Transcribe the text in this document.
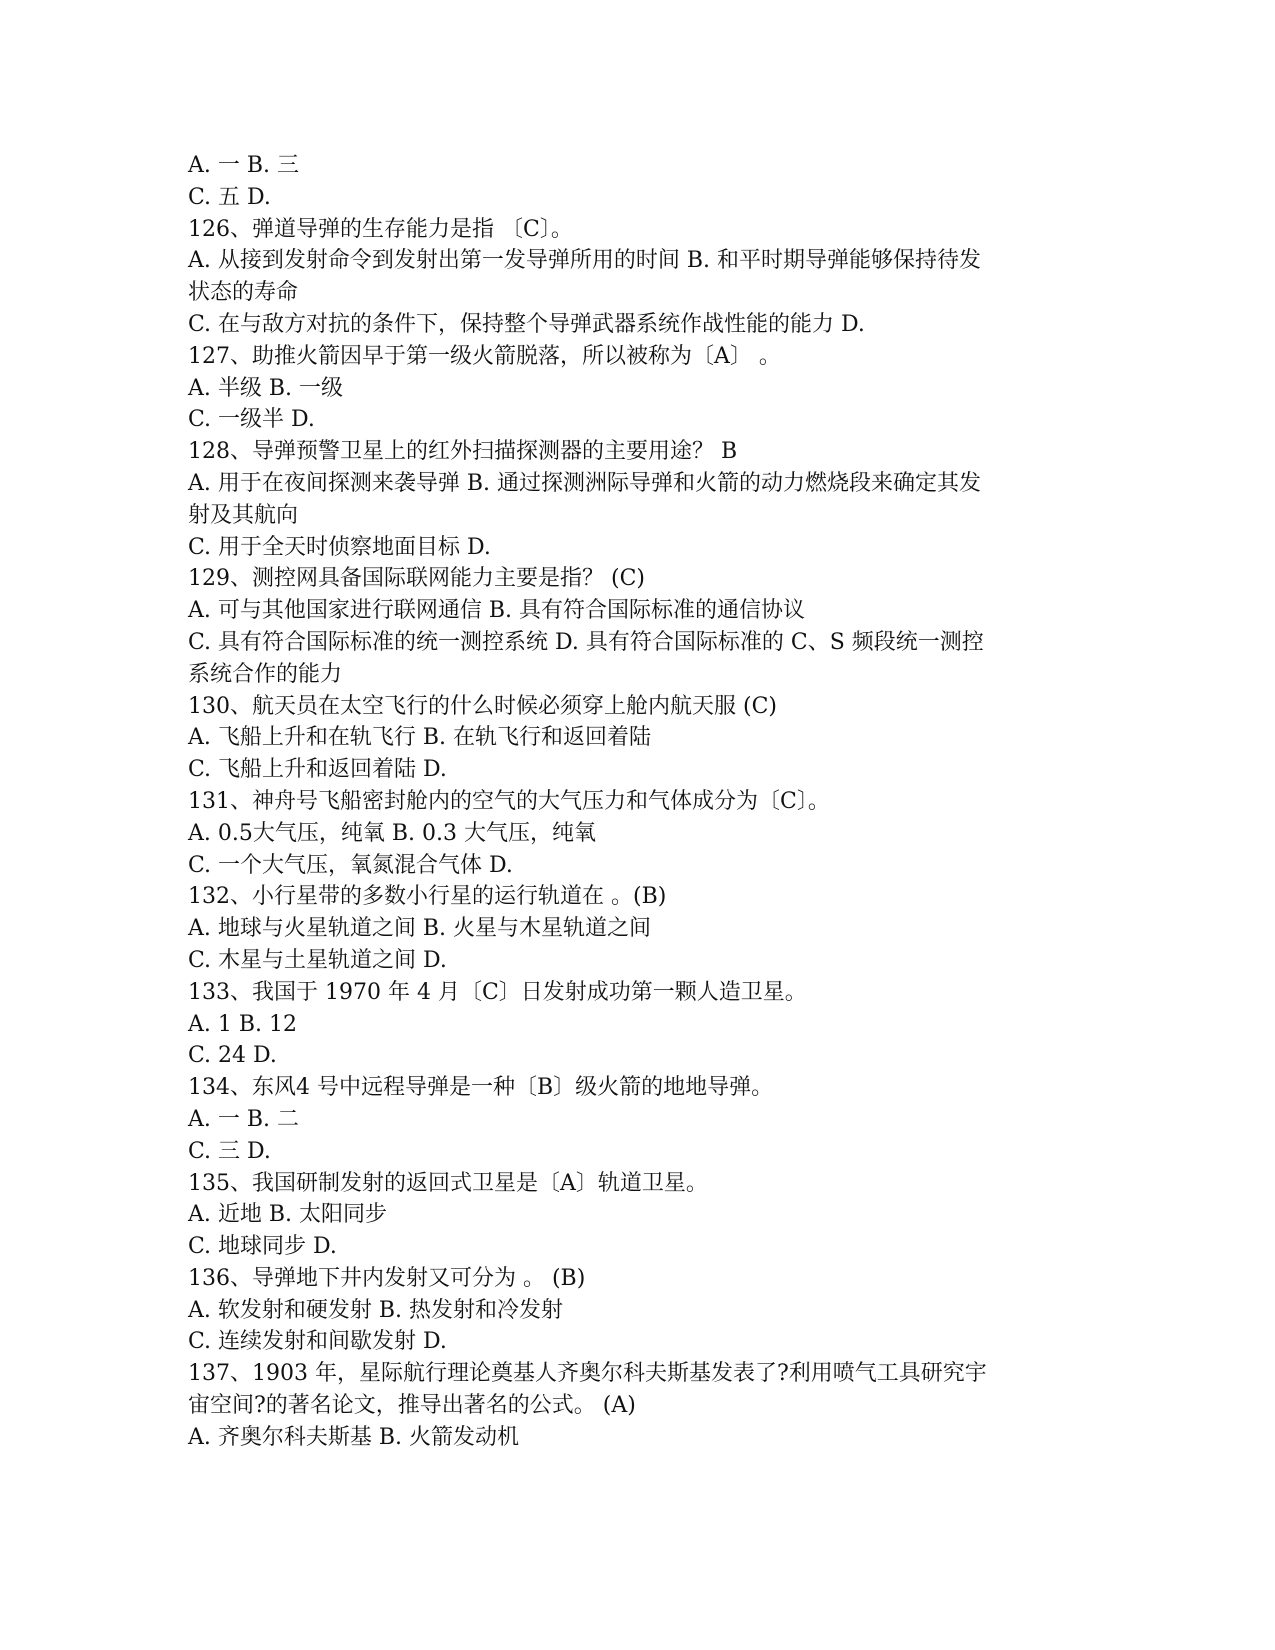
A. 一 B. 三
C. 五 D.
126、弹道导弹的生存能力是指 〔C〕。
A. 从接到发射命令到发射出第一发导弹所用的时间 B. 和平时期导弹能够保持待发
状态的寿命
C. 在与敌方对抗的条件下，保持整个导弹武器系统作战性能的能力 D.
127、助推火箭因早于第一级火箭脱落，所以被称为〔A〕 。
A. 半级 B. 一级
C. 一级半 D.
128、导弹预警卫星上的红外扫描探测器的主要用途？ B
A. 用于在夜间探测来袭导弹 B. 通过探测洲际导弹和火箭的动力燃烧段来确定其发
射及其航向
C. 用于全天时侦察地面目标 D.
129、测控网具备国际联网能力主要是指？ (C)
A. 可与其他国家进行联网通信 B. 具有符合国际标准的通信协议
C. 具有符合国际标准的统一测控系统 D. 具有符合国际标准的 C、S 频段统一测控
系统合作的能力
130、航天员在太空飞行的什么时候必须穿上舱内航天服 (C)
A. 飞船上升和在轨飞行 B. 在轨飞行和返回着陆
C. 飞船上升和返回着陆 D.
131、神舟号飞船密封舱内的空气的大气压力和气体成分为〔C〕。
A. 0.5大气压，纯氧 B. 0.3 大气压，纯氧
C. 一个大气压，氧氮混合气体 D.
132、小行星带的多数小行星的运行轨道在 。(B)
A. 地球与火星轨道之间 B. 火星与木星轨道之间
C. 木星与土星轨道之间 D.
133、我国于 1970 年 4 月〔C〕日发射成功第一颗人造卫星。
A. 1 B. 12
C. 24 D.
134、东风4 号中远程导弹是一种〔B〕级火箭的地地导弹。
A. 一 B. 二
C. 三 D.
135、我国研制发射的返回式卫星是〔A〕轨道卫星。
A. 近地 B. 太阳同步
C. 地球同步 D.
136、导弹地下井内发射又可分为 。 (B)
A. 软发射和硬发射 B. 热发射和冷发射
C. 连续发射和间歇发射 D.
137、1903 年，星际航行理论奠基人齐奥尔科夫斯基发表了?利用喷气工具研究宇
宙空间?的著名论文，推导出著名的公式。 (A)
A. 齐奥尔科夫斯基 B. 火箭发动机
